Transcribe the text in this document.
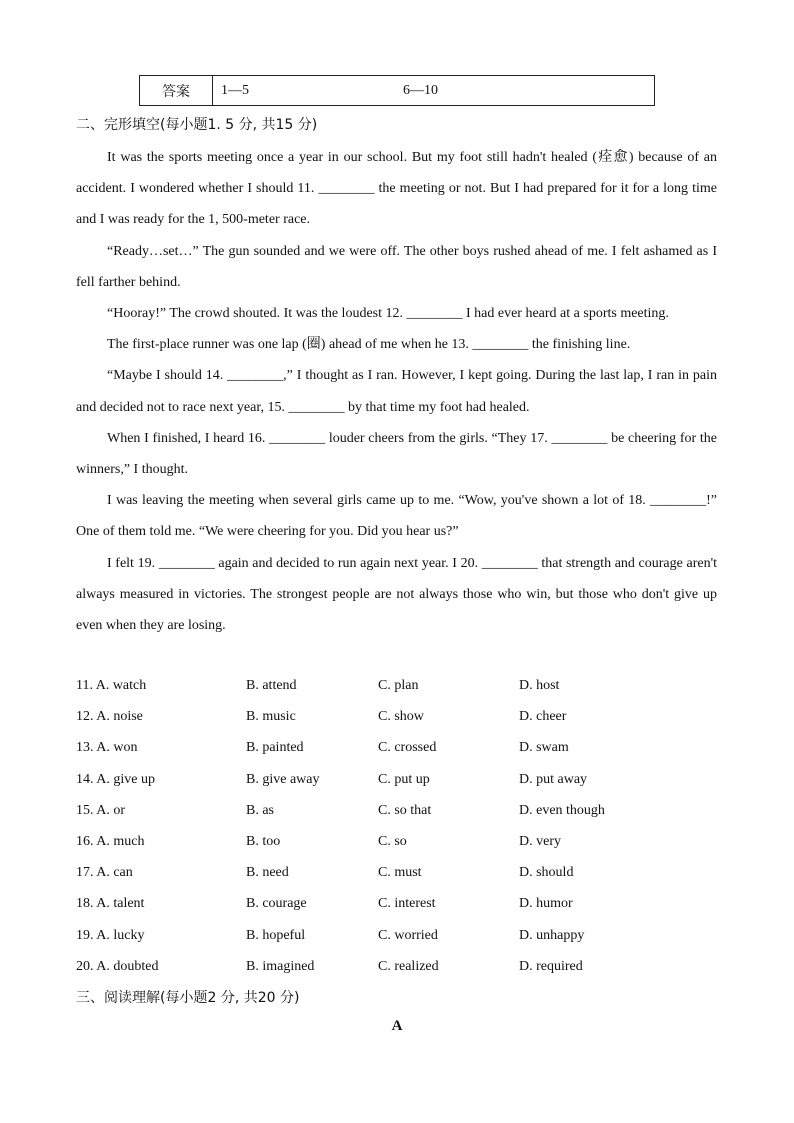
答案	1—5	6—10
二、完形填空(每小题1. 5 分, 共15 分)

It was the sports meeting once a year in our school. But my foot still hadn't healed (痊愈) because of an accident. I wondered whether I should 11. ________ the meeting or not. But I had prepared for it for a long time and I was ready for the 1, 500-meter race.

“Ready…set…” The gun sounded and we were off. The other boys rushed ahead of me. I felt ashamed as I fell farther behind.

“Hooray!” The crowd shouted. It was the loudest 12. ________ I had ever heard at a sports meeting.

The first-place runner was one lap (圈) ahead of me when he 13. ________ the finishing line.

“Maybe I should 14. ________,” I thought as I ran. However, I kept going. During the last lap, I ran in pain and decided not to race next year, 15. ________ by that time my foot had healed.

When I finished, I heard 16. ________ louder cheers from the girls. “They 17. ________ be cheering for the winners,” I thought.

I was leaving the meeting when several girls came up to me. “Wow, you've shown a lot of 18. ________!” One of them told me. “We were cheering for you. Did you hear us?”

I felt 19. ________ again and decided to run again next year. I 20. ________ that strength and courage aren't always measured in victories. The strongest people are not always those who win, but those who don't give up even when they are losing.

11. A. watch	B. attend	C. plan	D. host
12. A. noise	B. music	C. show	D. cheer
13. A. won	B. painted	C. crossed	D. swam
14. A. give up	B. give away	C. put up	D. put away
15. A. or	B. as	C. so that	D. even though
16. A. much	B. too	C. so	D. very
17. A. can	B. need	C. must	D. should
18. A. talent	B. courage	C. interest	D. humor
19. A. lucky	B. hopeful	C. worried	D. unhappy
20. A. doubted	B. imagined	C. realized	D. required
三、阅读理解(每小题2 分, 共20 分)
A
